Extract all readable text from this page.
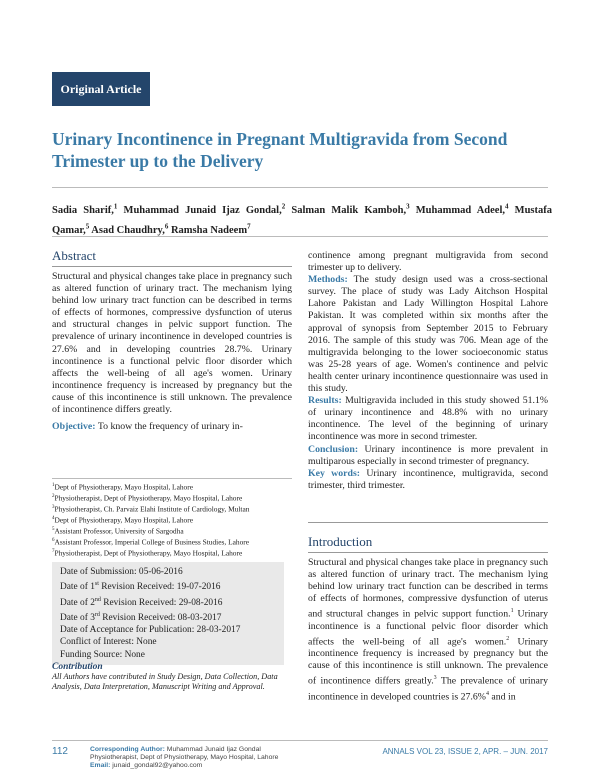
Original Article
Urinary Incontinence in Pregnant Multigravida from Second Trimester up to the Delivery
Sadia Sharif,$^1$ Muhammad Junaid Ijaz Gondal,$^2$ Salman Malik Kamboh,$^3$ Muhammad Adeel,$^4$ Mustafa Qamar,$^5$ Asad Chaudhry,$^6$ Ramsha Nadeem$^7$
Abstract
Structural and physical changes take place in pregnancy such as altered function of urinary tract. The mechanism lying behind low urinary tract function can be described in terms of effects of hormones, compressive dysfunction of uterus and structural changes in pelvic support function. The prevalence of urinary incontinence in developed countries is 27.6% and in developing countries 28.7%. Urinary incontinence is a functional pelvic floor disorder which affects the well-being of all age's women. Urinary incontinence frequency is increased by pregnancy but the cause of this incontinence is still unknown. The prevalence of incontinence differs greatly.
Objective: To know the frequency of urinary in-
$^1$Dept of Physiotherapy, Mayo Hospital, Lahore
$^2$Physiotherapist, Dept of Physiotherapy, Mayo Hospital, Lahore
$^3$Physiotherapist, Ch. Parvaiz Elahi Institute of Cardiology, Multan
$^4$Dept of Physiotherapy, Mayo Hospital, Lahore
$^5$Assistant Professor, University of Sargodha
$^6$Assistant Professor, Imperial College of Business Studies, Lahore
$^7$Physiotherapist, Dept of Physiotherapy, Mayo Hospital, Lahore
Date of Submission: 05-06-2016
Date of 1st Revision Received: 19-07-2016
Date of 2nd Revision Received: 29-08-2016
Date of 3rd Revision Received: 08-03-2017
Date of Acceptance for Publication: 28-03-2017
Conflict of Interest: None
Funding Source: None
Contribution
All Authors have contributed in Study Design, Data Collection, Data Analysis, Data Interpretation, Manuscript Writing and Approval.
continence among pregnant multigravida from second trimester up to delivery.
Methods: The study design used was a cross-sectional survey. The place of study was Lady Aitchson Hospital Lahore Pakistan and Lady Willington Hospital Lahore Pakistan. It was completed within six months after the approval of synopsis from September 2015 to February 2016. The sample of this study was 706. Mean age of the multigravida belonging to the lower socioeconomic status was 25-28 years of age. Women's continence and pelvic health center urinary incontinence questionnaire was used in this study.
Results: Multigravida included in this study showed 51.1% of urinary incontinence and 48.8% with no urinary incontinence. The level of the beginning of urinary incontinence was more in second trimester.
Conclusion: Urinary incontinence is more prevalent in multiparous especially in second trimester of pregnancy.
Key words: Urinary incontinence, multigravida, second trimester, third trimester.
Introduction
Structural and physical changes take place in pregnancy such as altered function of urinary tract. The mechanism lying behind low urinary tract function can be described in terms of effects of hormones, compressive dysfunction of uterus and structural changes in pelvic support function.$^1$ Urinary incontinence is a functional pelvic floor disorder which affects the well-being of all age's women.$^2$ Urinary incontinence frequency is increased by pregnancy but the cause of this incontinence is still unknown. The prevalence of incontinence differs greatly.$^3$ The prevalence of urinary incontinence in developed countries is 27.6%$^4$ and in
112	Corresponding Author: Muhammad Junaid Ijaz Gondal
Physiotherapist, Dept of Physiotherapy, Mayo Hospital, Lahore
Email: junaid_gondal92@yahoo.com
ANNALS VOL 23, ISSUE 2, APR. – JUN. 2017
